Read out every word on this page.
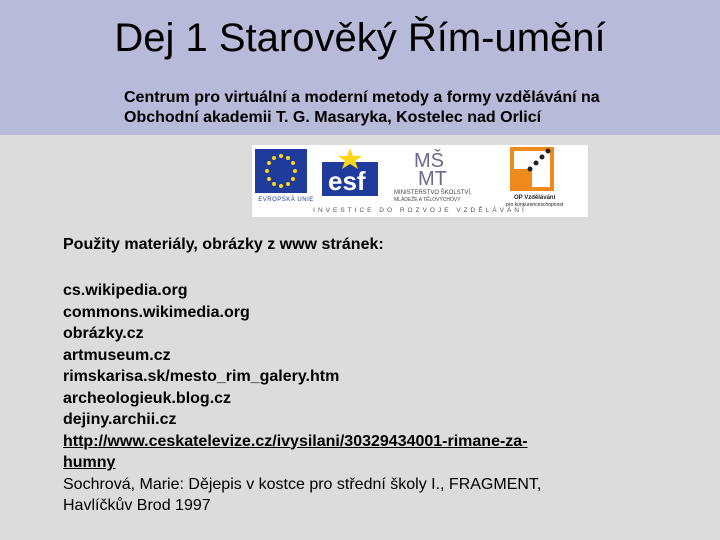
Dej 1 Starověký Řím-umění
Centrum pro virtuální a moderní metody a formy vzdělávání na
Obchodní akademii T. G. Masaryka, Kostelec nad Orlicí
EVROPSKÁ UNIE
esf
MŠ
MT
MINISTERSTVO ŠKOLSTVÍ,
MLÁDEŽE A TĚLOVÝCHOVY	OP Vzdělávání
pro konkurenceschopnost
INVESTICE DO ROZVOJE VZDĚLÁVÁNÍ
Použity materiály, obrázky z www stránek:
cs.wikipedia.org
commons.wikimedia.org
obrázky.cz
artmuseum.cz
rimskarisa.sk/mesto_rim_galery.htm
archeologieuk.blog.cz
dejiny.archii.cz
http://www.ceskatelevize.cz/ivysilani/30329434001-rimane-za-
humny
Sochrová, Marie: Dějepis v kostce pro střední školy I., FRAGMENT,
Havlíčkův Brod 1997
